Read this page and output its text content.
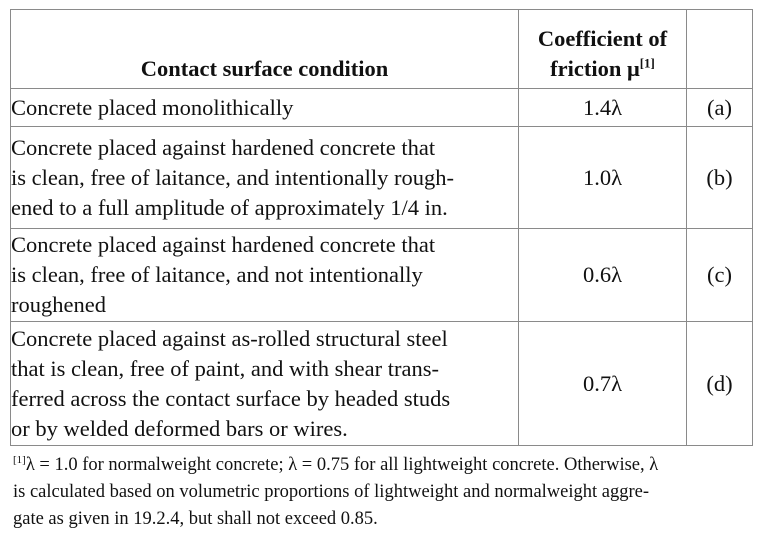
Contact surface condition	Coefficient of
friction μ[1]	
Concrete placed monolithically	1.4λ	(a)
Concrete placed against hardened concrete that
is clean, free of laitance, and intentionally rough-
ened to a full amplitude of approximately 1/4 in.	1.0λ	(b)
Concrete placed against hardened concrete that
is clean, free of laitance, and not intentionally
roughened	0.6λ	(c)
Concrete placed against as-rolled structural steel
that is clean, free of paint, and with shear trans-
ferred across the contact surface by headed studs
or by welded deformed bars or wires.	0.7λ	(d)
[1]λ = 1.0 for normalweight concrete; λ = 0.75 for all lightweight concrete. Otherwise, λ
is calculated based on volumetric proportions of lightweight and normalweight aggre-
gate as given in 19.2.4, but shall not exceed 0.85.
